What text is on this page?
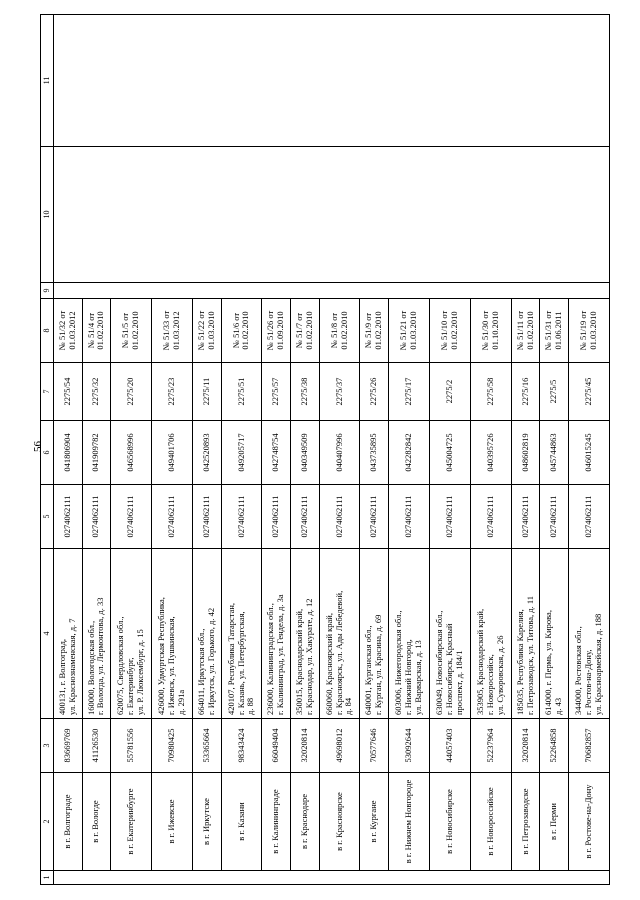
56
1	2	3	4	5	6	7	8	9	10	11
	в г. Волгограде	83669769	400131, г. Волгоград,
ул. Краснознаменская, д. 7	0274062111	041806904	2275/54	№ 51/32 от
01.03.2012			
	в г. Вологде	41126530	160000, Вологодская обл.,
г. Вологда, ул. Лермонтова, д. 33	0274062111	041909782	2275/32	№ 51/4 от
01.02.2010			
	в г. Екатеринбурге	55781556	620075, Свердловская обл.,
г. Екатеринбург,
ул. Р. Люксембург, д. 15	0274062111	046568996	2275/20	№ 51/5 от
01.02.2010			
	в г. Ижевске	70980425	426000, Удмуртская Республика,
г. Ижевск, ул. Пушкинская,
д. 291а	0274062111	049401706	2275/23	№ 51/33 от
01.03.2012			
	в г. Иркутске	53365664	664011, Иркутская обл.,
г. Иркутск, ул. Горького, д. 42	0274062111	042520893	2275/11	№ 51/22 от
01.03.2010			
	в г. Казани	98343424	420107, Республика Татарстан,
г. Казань, ул. Петербургская,
д. 88	0274062111	049205717	2275/51	№ 51/6 от
01.02.2010			
	в г. Калининграде	66049404	236000, Калининградская обл.,
г. Калининград, ул. Гендела, д. 3а	0274062111	042748754	2275/57	№ 51/26 от
01.09.2010			
	в г. Краснодаре	32020814	350015, Краснодарский край,
г. Краснодар, ул. Хакурате, д. 12	0274062111	040349509	2275/38	№ 51/7 от
01.02.2010			
	в г. Красноярске	49698012	660060, Красноярский край,
г. Красноярск, ул. Ады Лебедевой,
д. 84	0274062111	040407996	2275/37	№ 51/8 от
01.02.2010			
	в г. Кургане	70577646	640001, Курганская обл.,
г. Курган, ул. Красина, д. 69	0274062111	043735895	2275/26	№ 51/9 от
01.02.2010			
	в г. Нижнем Новгороде	53092644	603006, Нижегородская обл.,
г. Нижний Новгород,
ул. Варварская, д. 13	0274062111	042282842	2275/17	№ 51/21 от
01.03.2010			
	в г. Новосибирске	44057403	630049, Новосибирская обл.,
г. Новосибирск, Красный
проспект, д. 184/1	0274062111	045004725	2275/2	№ 51/10 от
01.02.2010			
	в г. Новороссийске	52237964	353905, Краснодарский край,
г. Новороссийск,
ул. Суворовская, д. 26	0274062111	040395726	2275/58	№ 51/30 от
01.10.2010			
	в г. Петрозаводске	32020814	185035, Республика Карелия,
г. Петрозаводск, ул. Титова, д. 11	0274062111	048602819	2275/16	№ 51/11 от
01.02.2010			
	в г. Перми	52264858	614000, г. Пермь, ул. Кирова,
д. 43	0274062111	045744863	2275/5	№ 51/31 от
01.06.2011			
	в г. Ростове-на-Дону	70682857	344000, Ростовская обл.,
г. Ростов-на-Дону,
ул. Красноармейская, д. 188	0274062111	046015245	2275/45	№ 51/19 от
01.03.2010			
